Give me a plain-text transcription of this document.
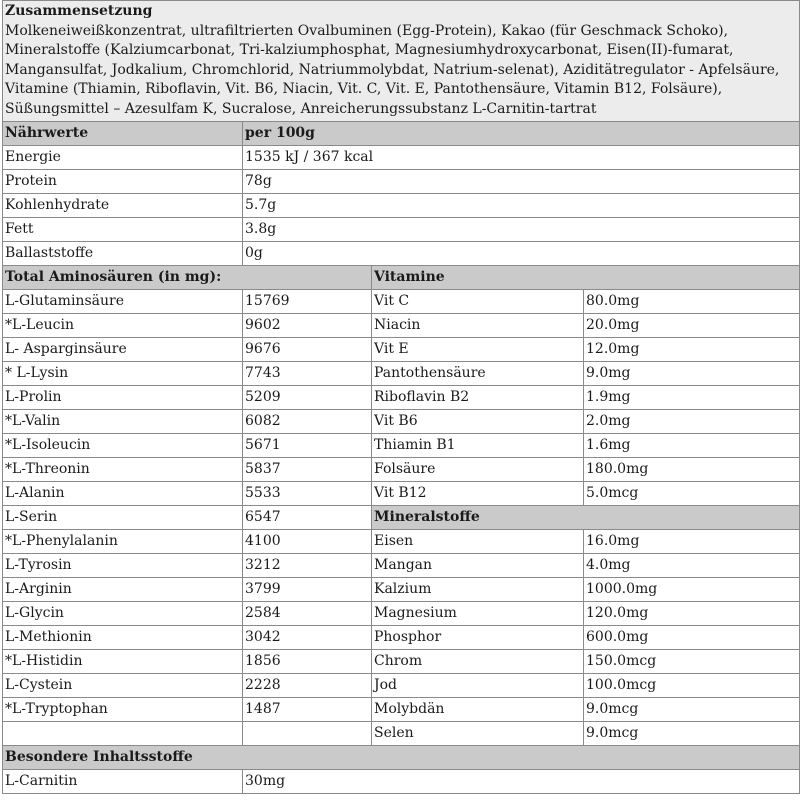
Zusammensetzung
Molkeneiweißkonzentrat, ultrafiltrierten Ovalbuminen (Egg-Protein), Kakao (für Geschmack Schoko), Mineralstoffe (Kalziumcarbonat, Tri-kalziumphosphat, Magnesiumhydroxycarbonat, Eisen(II)-fumarat, Mangansulfat, Jodkalium, Chromchlorid, Natriummolybdat, Natrium-selenat), Aziditätregulator - Apfelsäure, Vitamine (Thiamin, Riboflavin, Vit. B6, Niacin, Vit. C, Vit. E, Pantothensäure, Vitamin B12, Folsäure), Süßungsmittel – Azesulfam K, Sucralose, Anreicherungssubstanz L-Carnitin-tartrat			
Nährwerte	per 100g		
Energie	1535 kJ / 367 kcal		
Protein	78g		
Kohlenhydrate	5.7g		
Fett	3.8g		
Ballaststoffe	0g		
Total Aminosäuren (in mg):		Vitamine	
L-Glutaminsäure	15769	Vit C	80.0mg
*L-Leucin	9602	Niacin	20.0mg
L- Asparginsäure	9676	Vit E	12.0mg
* L-Lysin	7743	Pantothensäure	9.0mg
L-Prolin	5209	Riboflavin B2	1.9mg
*L-Valin	6082	Vit B6	2.0mg
*L-Isoleucin	5671	Thiamin B1	1.6mg
*L-Threonin	5837	Folsäure	180.0mg
L-Alanin	5533	Vit B12	5.0mcg
L-Serin	6547	Mineralstoffe	
*L-Phenylalanin	4100	Eisen	16.0mg
L-Tyrosin	3212	Mangan	4.0mg
L-Arginin	3799	Kalzium	1000.0mg
L-Glycin	2584	Magnesium	120.0mg
L-Methionin	3042	Phosphor	600.0mg
*L-Histidin	1856	Chrom	150.0mcg
L-Cystein	2228	Jod	100.0mcg
*L-Tryptophan	1487	Molybdän	9.0mcg
		Selen	9.0mcg
Besondere Inhaltsstoffe			
L-Carnitin	30mg		
